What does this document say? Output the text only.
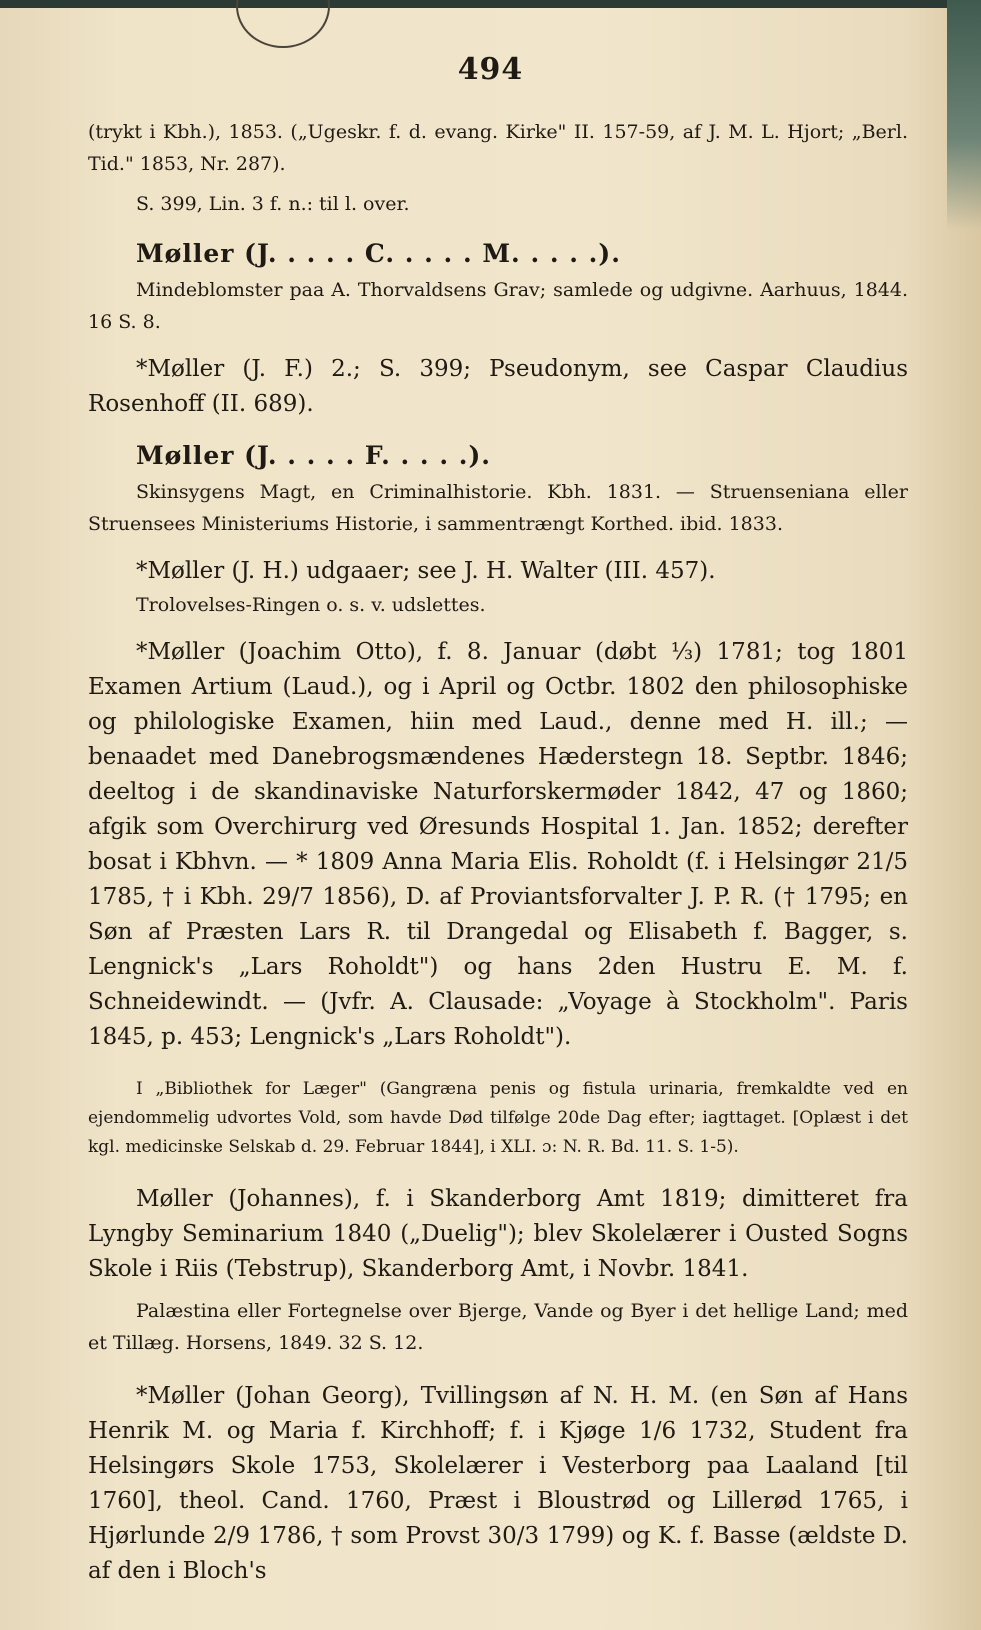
494

(trykt i Kbh.), 1853. („Ugeskr. f. d. evang. Kirke" II. 157-59, af J. M. L. Hjort; „Berl. Tid." 1853, Nr. 287).

S. 399, Lin. 3 f. n.: til l. over.

Møller (J. . . . . C. . . . . M. . . . .).

Mindeblomster paa A. Thorvaldsens Grav; samlede og udgivne. Aarhuus, 1844. 16 S. 8.

*Møller (J. F.) 2.; S. 399; Pseudonym, see Caspar Claudius Rosenhoff (II. 689).

Møller (J. . . . . F. . . . .).

Skinsygens Magt, en Criminalhistorie. Kbh. 1831. — Struenseniana eller Struensees Ministeriums Historie, i sammentrængt Korthed. ibid. 1833.

*Møller (J. H.) udgaaer; see J. H. Walter (III. 457).

Trolovelses-Ringen o. s. v. udslettes.

*Møller (Joachim Otto), f. 8. Januar (døbt ⅓) 1781; tog 1801 Examen Artium (Laud.), og i April og Octbr. 1802 den philosophiske og philologiske Examen, hiin med Laud., denne med H. ill.; — benaadet med Danebrogsmændenes Hæderstegn 18. Septbr. 1846; deeltog i de skandinaviske Naturforskermøder 1842, 47 og 1860; afgik som Overchirurg ved Øresunds Hospital 1. Jan. 1852; derefter bosat i Kbhvn. — * 1809 Anna Maria Elis. Roholdt (f. i Helsingør 21/5 1785, † i Kbh. 29/7 1856), D. af Proviantsforvalter J. P. R. († 1795; en Søn af Præsten Lars R. til Drangedal og Elisabeth f. Bagger, s. Lengnick's „Lars Roholdt") og hans 2den Hustru E. M. f. Schneidewindt. — (Jvfr. A. Clausade: „Voyage à Stockholm". Paris 1845, p. 453; Lengnick's „Lars Roholdt").

I „Bibliothek for Læger" (Gangræna penis og fistula urinaria, fremkaldte ved en ejendommelig udvortes Vold, som havde Død tilfølge 20de Dag efter; iagttaget. [Oplæst i det kgl. medicinske Selskab d. 29. Februar 1844], i XLI. ɔ: N. R. Bd. 11. S. 1-5).

Møller (Johannes), f. i Skanderborg Amt 1819; dimitteret fra Lyngby Seminarium 1840 („Duelig"); blev Skolelærer i Ousted Sogns Skole i Riis (Tebstrup), Skanderborg Amt, i Novbr. 1841.

Palæstina eller Fortegnelse over Bjerge, Vande og Byer i det hellige Land; med et Tillæg. Horsens, 1849. 32 S. 12.

*Møller (Johan Georg), Tvillingsøn af N. H. M. (en Søn af Hans Henrik M. og Maria f. Kirchhoff; f. i Kjøge 1/6 1732, Student fra Helsingørs Skole 1753, Skolelærer i Vesterborg paa Laaland [til 1760], theol. Cand. 1760, Præst i Bloustrød og Lillerød 1765, i Hjørlunde 2/9 1786, † som Provst 30/3 1799) og K. f. Basse (ældste D. af den i Bloch's
